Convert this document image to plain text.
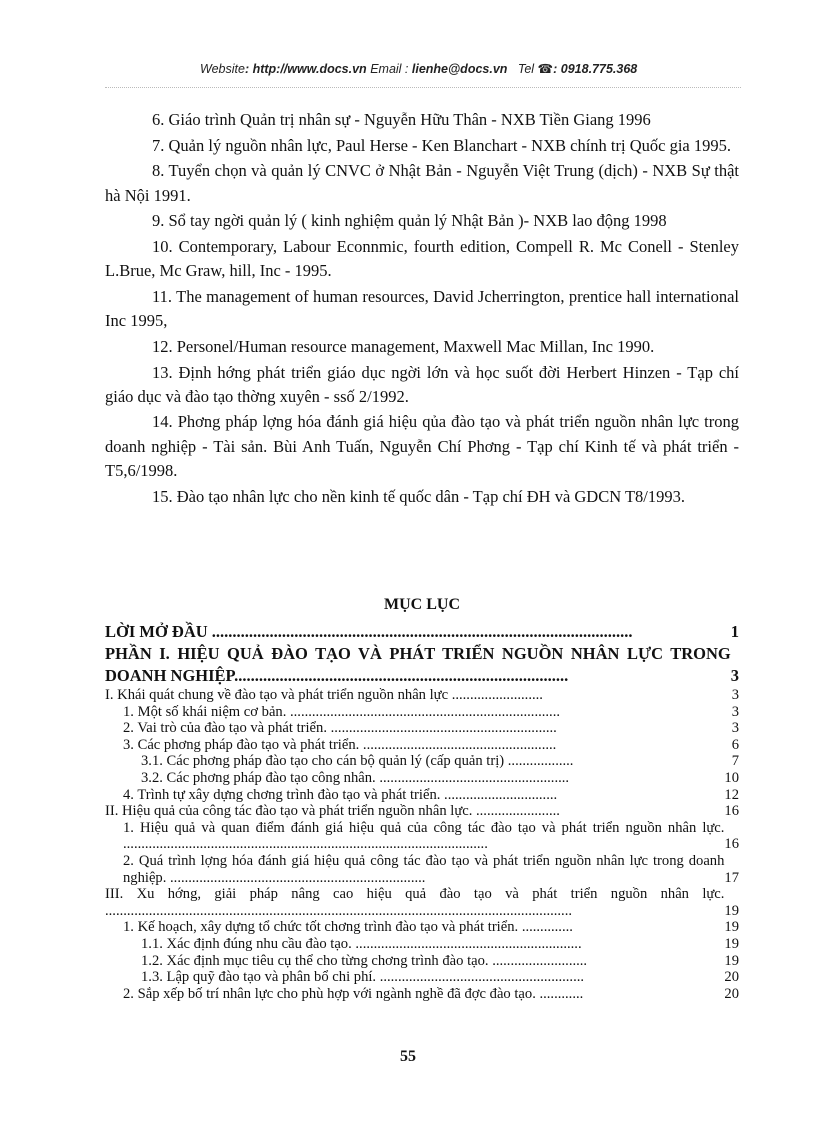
Website: http://www.docs.vn Email : lienhe@docs.vn Tel ☎: 0918.775.368

6. Giáo trình Quản trị nhân sự - Nguyễn Hữu Thân - NXB Tiền Giang 1996

7. Quản lý nguồn nhân lực, Paul Herse - Ken Blanchart - NXB chính trị Quốc gia 1995.

8. Tuyển chọn và quản lý CNVC ở Nhật Bản - Nguyễn Việt Trung (dịch) - NXB Sự thật hà Nội 1991.

9. Sổ tay ngời quản lý ( kinh nghiệm quản lý Nhật Bản )- NXB lao động 1998

10. Contemporary, Labour Econnmic, fourth edition, Compell R. Mc Conell - Stenley L.Brue, Mc Graw, hill, Inc - 1995.

11. The management of human resources, David Jcherrington, prentice hall international Inc 1995,

12. Personel/Human resource management, Maxwell Mac Millan, Inc 1990.

13. Định hớng phát triển giáo dục ngời lớn và học suốt đời Herbert Hinzen - Tạp chí giáo dục và đào tạo thờng xuyên - ssố 2/1992.

14. Phơng pháp lợng hóa đánh giá hiệu qủa đào tạo và phát triển nguồn nhân lực trong doanh nghiệp - Tài sản. Bùi Anh Tuấn, Nguyễn Chí Phơng - Tạp chí Kinh tế và phát triển - T5,6/1998.

15. Đào tạo nhân lực cho nền kinh tế quốc dân - Tạp chí ĐH và GDCN T8/1993.

MỤC LỤC
1
LỜI MỞ ĐẦU ......................................................................................................
3
PHẦN I. HIỆU QUẢ ĐÀO TẠO VÀ PHÁT TRIỂN NGUỒN NHÂN LỰC TRONG DOANH NGHIỆP.................................................................................
3
I. Khái quát chung về đào tạo và phát triển nguồn nhân lực .........................
3
1. Một số khái niệm cơ bản. ..........................................................................
3
2. Vai trò của đào tạo và phát triển. ..............................................................
6
3. Các phơng pháp đào tạo và phát triển. .....................................................
7
3.1. Các phơng pháp đào tạo cho cán bộ quản lý (cấp quản trị) ..................
10
3.2. Các phơng pháp đào tạo công nhân. ....................................................
12
4. Trình tự xây dựng chơng trình đào tạo và phát triển. ...............................
16
II. Hiệu quả của công tác đào tạo và phát triển nguồn nhân lực. .......................
16
1. Hiệu quả và quan điểm đánh giá hiệu quả của công tác đào tạo và phát triển nguồn nhân lực. ....................................................................................................
17
2. Quá trình lợng hóa đánh giá hiệu quả công tác đào tạo và phát triển nguồn nhân lực trong doanh nghiệp. ......................................................................
19
III. Xu hớng, giải pháp nâng cao hiệu quả đào tạo và phát triển nguồn nhân lực. ................................................................................................................................
19
1. Kế hoạch, xây dựng tổ chức tốt chơng trình đào tạo và phát triển. ..............
19
1.1. Xác định đúng nhu cầu đào tạo. ..............................................................
19
1.2. Xác định mục tiêu cụ thể cho từng chơng trình đào tạo. ..........................
20
1.3. Lập quỹ đào tạo và phân bổ chi phí. ........................................................
20
2. Sắp xếp bố trí nhân lực cho phù hợp với ngành nghề đã đợc đào tạo. ............
55
